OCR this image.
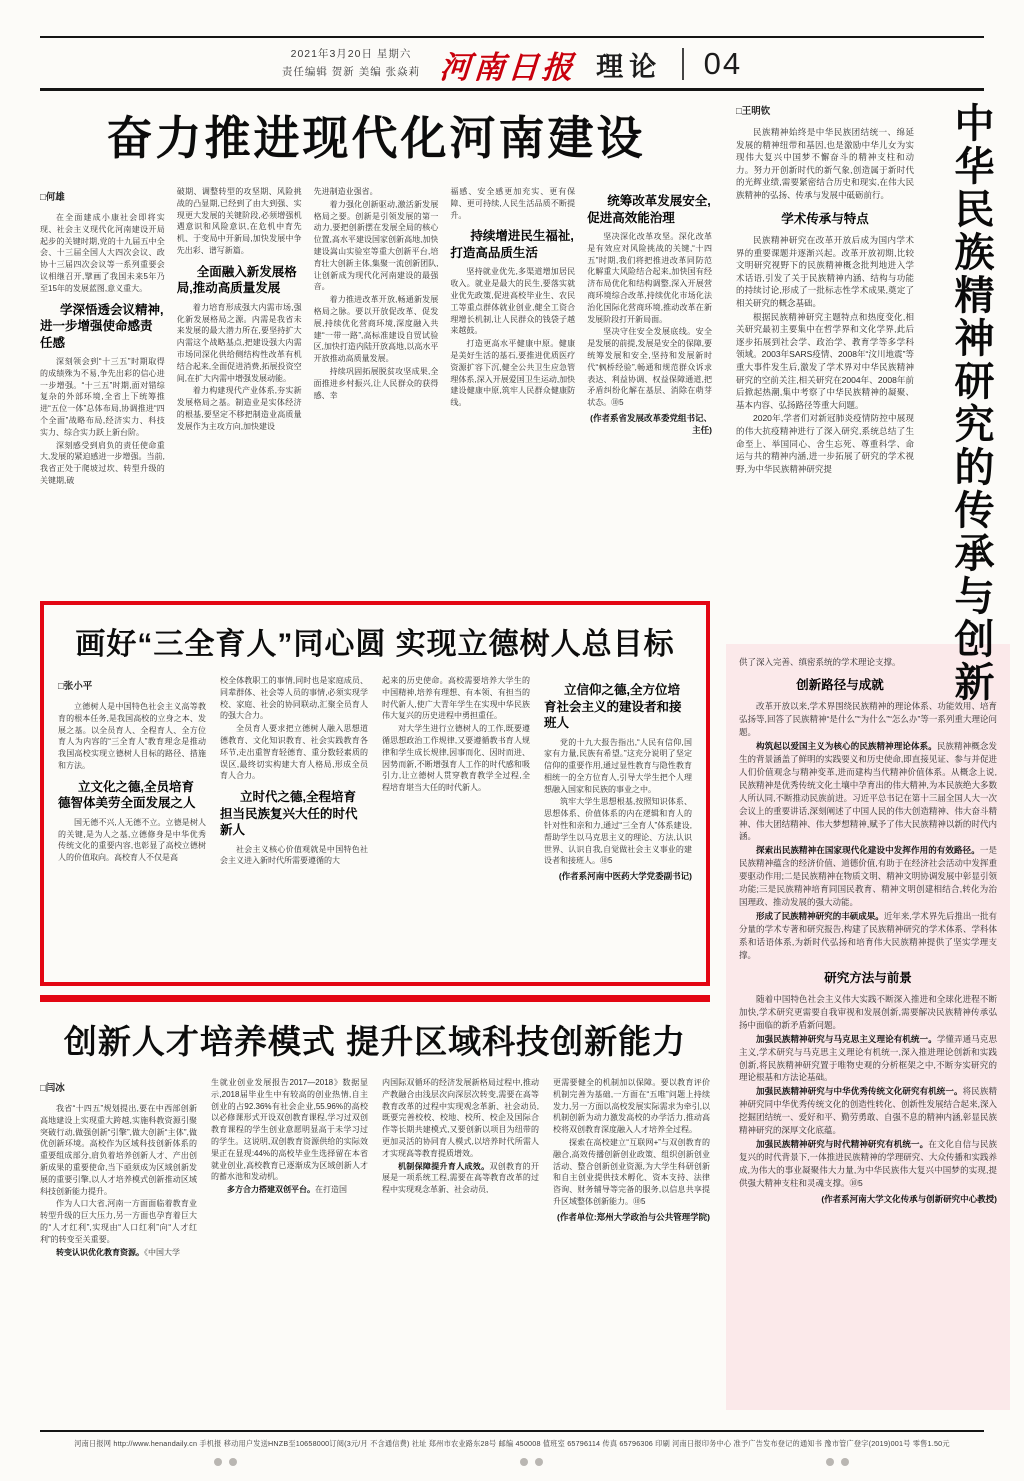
2021年3月20日 星期六
责任编辑 贺新 美编 张焱莉 河南日报 理论 04
奋力推进现代化河南建设
□何雄
在全面建成小康社会即将实现、社会主义现代化河南建设开局起步的关键时期,党的十九届五中全会、十三届全国人大四次会议、政协十三届四次会议等一系列重要会议相继召开,擘画了我国未来5年乃至15年的发展蓝图,意义重大。
学深悟透会议精神,进一步增强使命感责任感
深刻领会到“十三五”时期取得的成绩殊为不易,争先出彩的信心进一步增强。“十三五”时期,面对错综复杂的外部环境,全省上下统筹推进“五位一体”总体布局,协调推进“四个全面”战略布局,经济实力、科技实力、综合实力跃上新台阶。
深刻感受到肩负的责任使命重大,发展的紧迫感进一步增强。当前,我省正处于爬坡过坎、转型升级的关键期,破
破期、调整转型的攻坚期、风险挑战的凸显期,已经到了由大到强、实现更大发展的关键阶段,必须增强机遇意识和风险意识,在危机中育先机、于变局中开新局,加快发展中争先出彩、谱写新篇。
全面融入新发展格局,推动高质量发展
着力培育形成强大内需市场,强化新发展格局之源。内需是我省未来发展的最大潜力所在,要坚持扩大内需这个战略基点,把建设强大内需市场同深化供给侧结构性改革有机结合起来,全面促进消费,拓展投资空间,在扩大内需中增强发展动能。
着力构建现代产业体系,夯实新发展格局之基。制造业是实体经济的根基,要坚定不移把制造业高质量发展作为主攻方向,加快建设
先进制造业强省。
着力强化创新驱动,激活新发展格局之要。创新是引领发展的第一动力,要把创新摆在发展全局的核心位置,高水平建设国家创新高地,加快建设嵩山实验室等重大创新平台,培育壮大创新主体,集聚一流创新团队,让创新成为现代化河南建设的最强音。
着力推进改革开放,畅通新发展格局之脉。要以开放促改革、促发展,持续优化营商环境,深度融入共建“一带一路”,高标准建设自贸试验区,加快打造内陆开放高地,以高水平开放推动高质量发展。
持续巩固拓展脱贫攻坚成果,全面推进乡村振兴,让人民群众的获得感、幸
福感、安全感更加充实、更有保障、更可持续,人民生活品质不断提升。
持续增进民生福祉,打造高品质生活
坚持就业优先,多渠道增加居民收入。就业是最大的民生,要落实就业优先政策,促进高校毕业生、农民工等重点群体就业创业,健全工资合理增长机制,让人民群众的钱袋子越来越鼓。
打造更高水平健康中原。健康是美好生活的基石,要推进优质医疗资源扩容下沉,健全公共卫生应急管理体系,深入开展爱国卫生运动,加快建设健康中原,筑牢人民群众健康防线。
统筹改革发展安全,促进高效能治理
坚决深化改革攻坚。深化改革是有效应对风险挑战的关键,“十四五”时期,我们将把推进改革同防范化解重大风险结合起来,加快国有经济布局优化和结构调整,深入开展营商环境综合改革,持续优化市场化法治化国际化营商环境,推动改革在新发展阶段打开新局面。
坚决守住安全发展底线。安全是发展的前提,发展是安全的保障,要统筹发展和安全,坚持和发展新时代“枫桥经验”,畅通和规范群众诉求表达、利益协调、权益保障通道,把矛盾纠纷化解在基层、消除在萌芽状态。⑩5
(作者系省发展改革委党组书记、主任)
画好“三全育人”同心圆 实现立德树人总目标
□张小平
立德树人是中国特色社会主义高等教育的根本任务,是我国高校的立身之本、发展之基。以全员育人、全程育人、全方位育人为内容的“三全育人”教育理念是推动我国高校实现立德树人目标的路径、措施和方法。
立文化之德,全员培育德智体美劳全面发展之人
国无德不兴,人无德不立。立德是树人的关键,是为人之基,立德修身是中华优秀传统文化的重要内容,也彰显了高校立德树人的价值取向。高校育人不仅是高
校全体教职工的事情,同时也是家庭成员、同辈群体、社会等人员的事情,必须实现学校、家庭、社会的协同联动,汇聚全员育人的强大合力。
全员育人要求把立德树人融入思想道德教育、文化知识教育、社会实践教育各环节,走出重智育轻德育、重分数轻素质的误区,最终切实构建大育人格局,形成全员育人合力。
立时代之德,全程培育担当民族复兴大任的时代新人
社会主义核心价值观就是中国特色社会主义进入新时代所需要遵循的大
起来的历史使命。高校需要培养大学生的中国精神,培养有理想、有本领、有担当的时代新人,使广大青年学生在实现中华民族伟大复兴的历史进程中勇担重任。
对大学生进行立德树人的工作,既要遵循思想政治工作规律,又要遵循教书育人规律和学生成长规律,因事而化、因时而进、因势而新,不断增强育人工作的时代感和吸引力,让立德树人贯穿教育教学全过程,全程培育堪当大任的时代新人。
立信仰之德,全方位培育社会主义的建设者和接班人
党的十九大报告指出,“人民有信仰,国家有力量,民族有希望。”这充分说明了坚定信仰的重要作用,通过显性教育与隐性教育相统一的全方位育人,引导大学生把个人理想融入国家和民族的事业之中。
筑牢大学生思想根基,按照知识体系、思想体系、价值体系的内在逻辑和育人的针对性和亲和力,通过“三全育人”体系建设,帮助学生以马克思主义的理论、方法,认识世界、认识自我,自觉做社会主义事业的建设者和接班人。⑩5
(作者系河南中医药大学党委副书记)
创新人才培养模式 提升区域科技创新能力
□闫冰
我省“十四五”规划提出,要在中西部创新高地建设上实现重大跨越,实施科教资源引聚突破行动,做强创新“引擎”,做大创新“主体”,做优创新环境。高校作为区域科技创新体系的重要组成部分,肩负着培养创新人才、产出创新成果的重要使命,当下亟须成为区域创新发展的重要引擎,以人才培养模式创新推动区域科技创新能力提升。
作为人口大省,河南一方面面临着教育业转型升级的巨大压力,另一方面也孕育着巨大的“人才红利”,实现由“人口红利”向“人才红利”的转变至关重要。
转变认识优化教育资源。《中国大学
生就业创业发展报告2017—2018》数据显示,2018届毕业生中有较高的创业热情,自主创业的占92.36%有社会企业,55.96%的高校以必修课形式开设双创教育课程,学习过双创教育课程的学生创业意愿明显高于未学习过的学生。这说明,双创教育资源供给的实际效果正在显现:44%的高校毕业生选择留在本省就业创业,高校教育已逐渐成为区域创新人才的蓄水池和发动机。
多方合力搭建双创平台。在打造国
内国际双循环的经济发展新格局过程中,推动产教融合由浅层次向深层次转变,需要在高等教育改革的过程中实现观念革新、社会动员,既要完善校校、校地、校所、校企及国际合作等长期共建模式,又要创新以项目为纽带的更加灵活的协同育人模式,以培养时代所需人才实现高等教育提质增效。
机制保障提升育人成效。双创教育的开展是一项系统工程,需要在高等教育改革的过程中实现观念革新、社会动员,
更需要健全的机制加以保障。要以教育评价机制完善为基础,一方面在“五唯”问题上持续发力,另一方面以高校发展实际需求为牵引,以机制创新为动力激发高校的办学活力,推动高校将双创教育深度融入人才培养全过程。
探索在高校建立“互联网+”与双创教育的融合,高效传播创新创业政策、组织创新创业活动、整合创新创业资源,为大学生科研创新和自主创业提供技术孵化、资本支持、法律咨询、财务辅导等完备的服务,以信息共享提升区域整体创新能力。⑩5
(作者单位:郑州大学政治与公共管理学院)
中华民族精神研究的传承与创新
□王明钦
民族精神始终是中华民族团结统一、绵延发展的精神纽带和基因,也是激励中华儿女为实现伟大复兴中国梦不懈奋斗的精神支柱和动力。努力开创新时代的新气象,创造属于新时代的光辉业绩,需要紧密结合历史和现实,在伟大民族精神的弘扬、传承与发展中砥砺前行。
学术传承与特点
民族精神研究在改革开放后成为国内学术界的重要课题并逐渐兴起。改革开放初期,比较文明研究视野下的民族精神概念批判地进入学术话语,引发了关于民族精神内涵、结构与功能的持续讨论,形成了一批标志性学术成果,奠定了相关研究的概念基础。
根据民族精神研究主题特点和热度变化,相关研究最初主要集中在哲学界和文化学界,此后逐步拓展到社会学、政治学、教育学等多学科领域。2003年SARS疫情、2008年“汶川地震”等重大事件发生后,激发了学术界对中华民族精神研究的空前关注,相关研究在2004年、2008年前后掀起热潮,集中考察了中华民族精神的凝聚、基本内容、弘扬路径等重大问题。
2020年,学者们对新冠肺炎疫情防控中展现的伟大抗疫精神进行了深入研究,系统总结了生命至上、举国同心、舍生忘死、尊重科学、命运与共的精神内涵,进一步拓展了研究的学术视野,为中华民族精神研究提
供了深入完善、缜密系统的学术理论支撑。
创新路径与成就
改革开放以来,学术界围绕民族精神的理论体系、功能效用、培育弘扬等,回答了民族精神“是什么”“为什么”“怎么办”等一系列重大理论问题。
构筑起以爱国主义为核心的民族精神理论体系。民族精神概念发生的背景涵盖了鲜明的实践要义和历史使命,即直接见证、参与并促进人们价值观念与精神变革,进而建构当代精神价值体系。从概念上说,民族精神是优秀传统文化土壤中孕育出的伟大精神,为本民族绝大多数人所认同,不断推动民族前进。习近平总书记在第十三届全国人大一次会议上的重要讲话,深刻阐述了中国人民的伟大创造精神、伟大奋斗精神、伟大团结精神、伟大梦想精神,赋予了伟大民族精神以新的时代内涵。
探索出民族精神在国家现代化建设中发挥作用的有效路径。一是民族精神蕴含的经济价值、道德价值,有助于在经济社会活动中发挥重要驱动作用;二是民族精神在物质文明、精神文明协调发展中彰显引领功能;三是民族精神培育同国民教育、精神文明创建相结合,转化为治国理政、推动发展的强大动能。
形成了民族精神研究的丰硕成果。近年来,学术界先后推出一批有分量的学术专著和研究报告,构建了民族精神研究的学术体系、学科体系和话语体系,为新时代弘扬和培育伟大民族精神提供了坚实学理支撑。
研究方法与前景
随着中国特色社会主义伟大实践不断深入推进和全球化进程不断加快,学术研究更需要自我审视和发展创新,需要解决民族精神传承弘扬中面临的新矛盾新问题。
加强民族精神研究与马克思主义理论有机统一。学懂弄通马克思主义,学术研究与马克思主义理论有机统一,深入推进理论创新和实践创新,将民族精神研究置于唯物史观的分析框架之中,不断夯实研究的理论根基和方法论基础。
加强民族精神研究与中华优秀传统文化研究有机统一。将民族精神研究同中华优秀传统文化的创造性转化、创新性发展结合起来,深入挖掘团结统一、爱好和平、勤劳勇敢、自强不息的精神内涵,彰显民族精神研究的深厚文化底蕴。
加强民族精神研究与时代精神研究有机统一。在文化自信与民族复兴的时代背景下,一体推进民族精神的学理研究、大众传播和实践养成,为伟大的事业凝聚伟大力量,为中华民族伟大复兴中国梦的实现,提供强大精神支柱和灵魂支撑。⑩5
(作者系河南大学文化传承与创新研究中心教授)
河南日报网 http://www.henandaily.cn 手机报 移动用户发送HNZB至10658000订阅(3元/月 不含通信费) 社址 郑州市农业路东28号 邮编 450008 值班室 65796114 传真 65796306 印刷 河南日报印务中心 准予广告发布登记的通知书 豫市管广登字(2019)001号 零售1.50元
